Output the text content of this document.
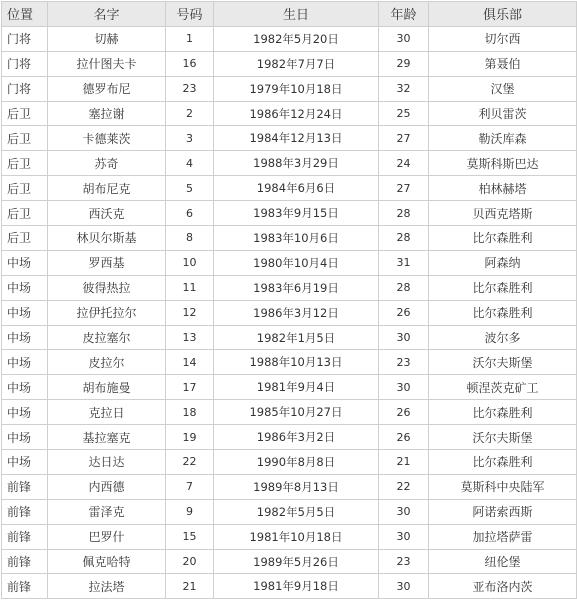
位置	名字	号码	生日	年龄	俱乐部
门将	切赫	1	1982年5月20日	30	切尔西
门将	拉什图夫卡	16	1982年7月7日	29	第聂伯
门将	德罗布尼	23	1979年10月18日	32	汉堡
后卫	塞拉谢	2	1986年12月24日	25	利贝雷茨
后卫	卡德莱茨	3	1984年12月13日	27	勒沃库森
后卫	苏奇	4	1988年3月29日	24	莫斯科斯巴达
后卫	胡布尼克	5	1984年6月6日	27	柏林赫塔
后卫	西沃克	6	1983年9月15日	28	贝西克塔斯
后卫	林贝尔斯基	8	1983年10月6日	28	比尔森胜利
中场	罗西基	10	1980年10月4日	31	阿森纳
中场	彼得热拉	11	1983年6月19日	28	比尔森胜利
中场	拉伊托拉尔	12	1986年3月12日	26	比尔森胜利
中场	皮拉塞尔	13	1982年1月5日	30	波尔多
中场	皮拉尔	14	1988年10月13日	23	沃尔夫斯堡
中场	胡布施曼	17	1981年9月4日	30	顿涅茨克矿工
中场	克拉日	18	1985年10月27日	26	比尔森胜利
中场	基拉塞克	19	1986年3月2日	26	沃尔夫斯堡
中场	达日达	22	1990年8月8日	21	比尔森胜利
前锋	内西德	7	1989年8月13日	22	莫斯科中央陆军
前锋	雷泽克	9	1982年5月5日	30	阿诺索西斯
前锋	巴罗什	15	1981年10月18日	30	加拉塔萨雷
前锋	佩克哈特	20	1989年5月26日	23	纽伦堡
前锋	拉法塔	21	1981年9月18日	30	亚布洛内茨
